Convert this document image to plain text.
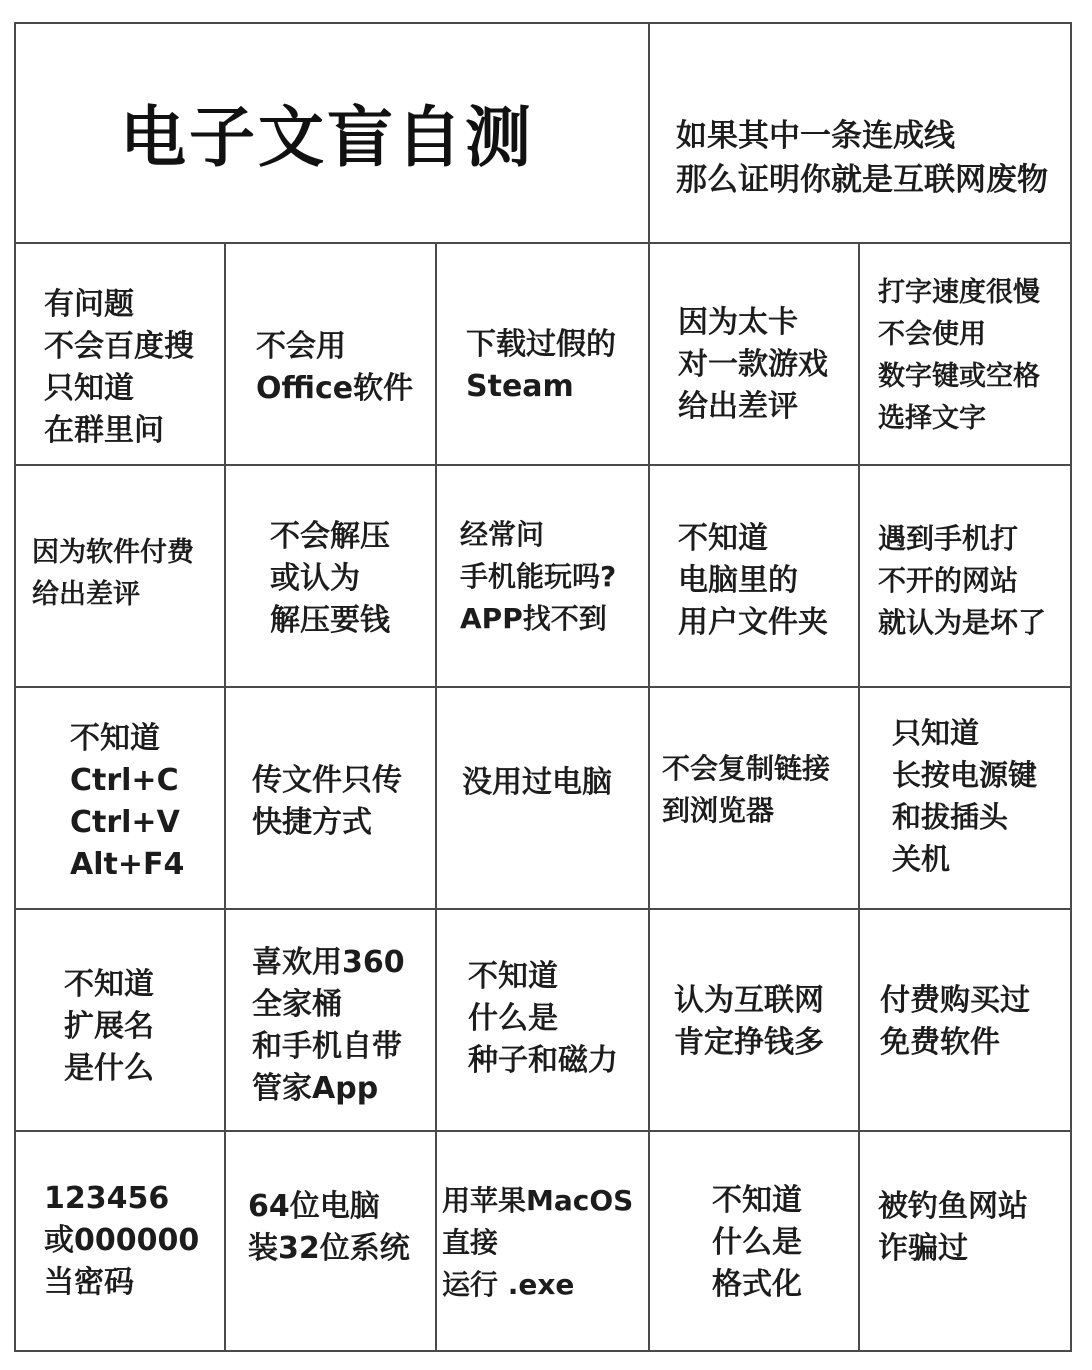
电子文盲自测	如果其中一条连成线
那么证明你就是互联网废物
有问题
不会百度搜
只知道
在群里问
不会用
Office软件
下载过假的
Steam
因为太卡
对一款游戏
给出差评
打字速度很慢
不会使用
数字键或空格
选择文字
因为软件付费
给出差评
不会解压
或认为
解压要钱
经常问
手机能玩吗?
APP找不到
不知道
电脑里的
用户文件夹
遇到手机打
不开的网站
就认为是坏了
不知道
Ctrl+C
Ctrl+V
Alt+F4
传文件只传
快捷方式
没用过电脑 不会复制链接
到浏览器
只知道
长按电源键
和拔插头
关机
不知道
扩展名
是什么
喜欢用360
全家桶
和手机自带
管家App
不知道
什么是
种子和磁力
认为互联网
肯定挣钱多
付费购买过
免费软件
123456
或000000
当密码
64位电脑
装32位系统
用苹果MacOS
直接
运行 .exe
不知道
什么是
格式化
被钓鱼网站
诈骗过
